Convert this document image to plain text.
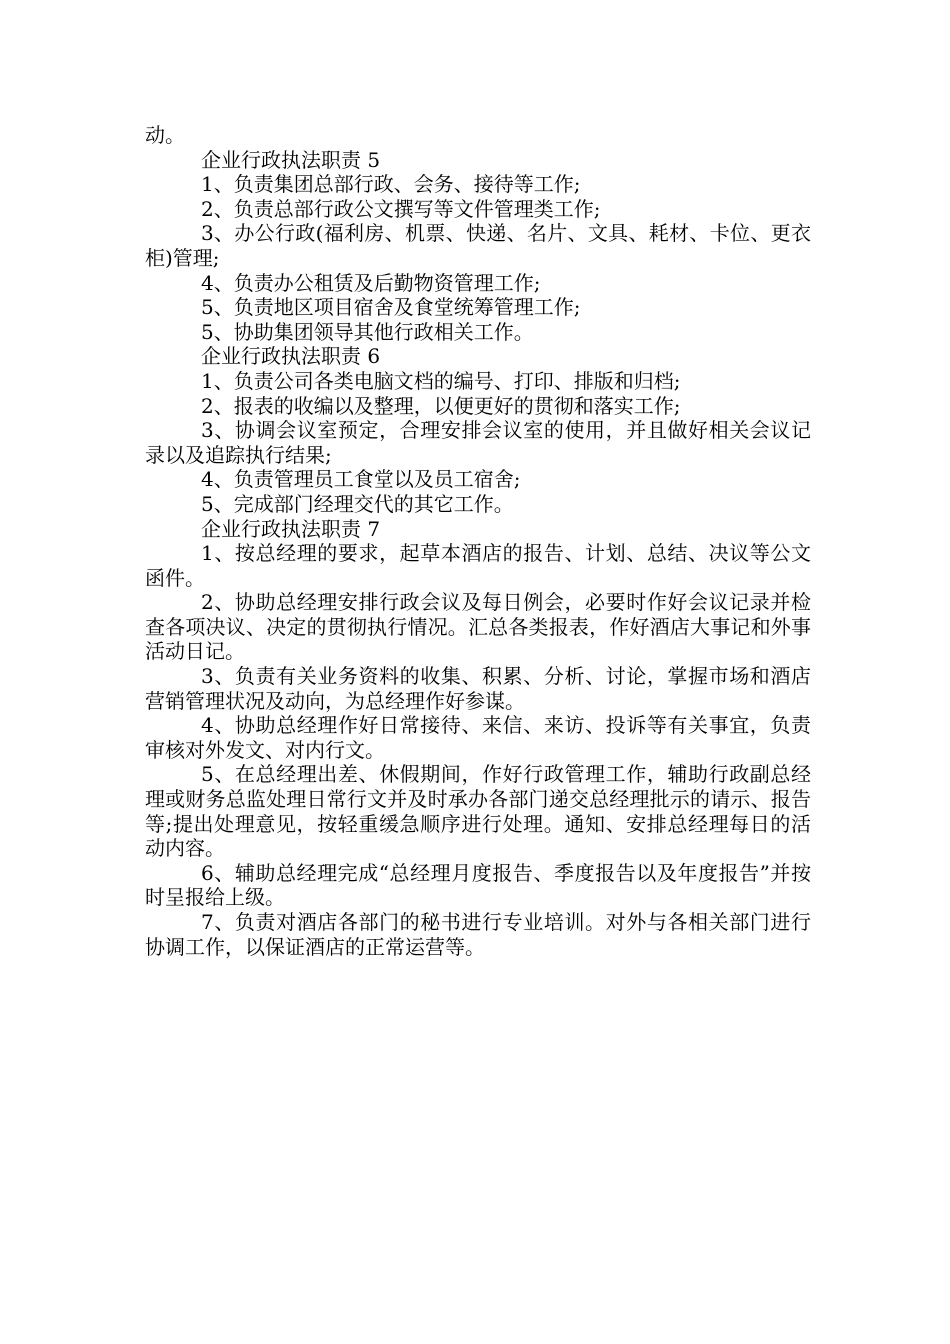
动。

企业行政执法职责 5

1、负责集团总部行政、会务、接待等工作;

2、负责总部行政公文撰写等文件管理类工作;

3、办公行政(福利房、机票、快递、名片、文具、耗材、卡位、更衣柜)管理;

4、负责办公租赁及后勤物资管理工作;

5、负责地区项目宿舍及食堂统筹管理工作;

5、协助集团领导其他行政相关工作。

企业行政执法职责 6

1、负责公司各类电脑文档的编号、打印、排版和归档;

2、报表的收编以及整理，以便更好的贯彻和落实工作;

3、协调会议室预定，合理安排会议室的使用，并且做好相关会议记录以及追踪执行结果;

4、负责管理员工食堂以及员工宿舍;

5、完成部门经理交代的其它工作。

企业行政执法职责 7

1、按总经理的要求，起草本酒店的报告、计划、总结、决议等公文函件。

2、协助总经理安排行政会议及每日例会，必要时作好会议记录并检查各项决议、决定的贯彻执行情况。汇总各类报表，作好酒店大事记和外事活动日记。

3、负责有关业务资料的收集、积累、分析、讨论，掌握市场和酒店营销管理状况及动向，为总经理作好参谋。

4、协助总经理作好日常接待、来信、来访、投诉等有关事宜，负责审核对外发文、对内行文。

5、在总经理出差、休假期间，作好行政管理工作，辅助行政副总经理或财务总监处理日常行文并及时承办各部门递交总经理批示的请示、报告等;提出处理意见，按轻重缓急顺序进行处理。通知、安排总经理每日的活动内容。

6、辅助总经理完成“总经理月度报告、季度报告以及年度报告”并按时呈报给上级。

7、负责对酒店各部门的秘书进行专业培训。对外与各相关部门进行协调工作，以保证酒店的正常运营等。
